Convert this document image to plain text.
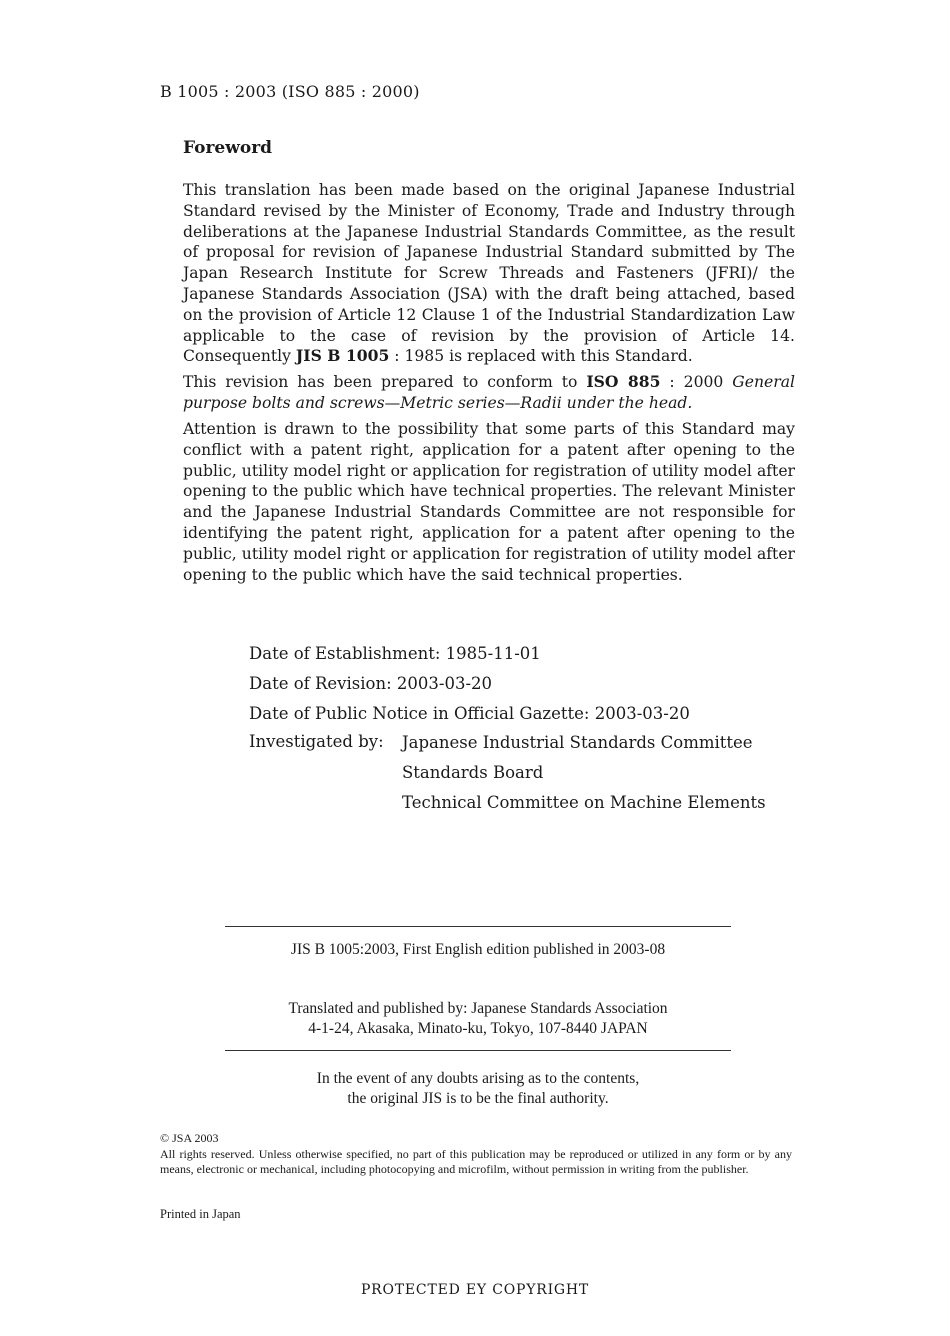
B 1005 : 2003 (ISO 885 : 2000)
Foreword

This translation has been made based on the original Japanese Industrial Standard revised by the Minister of Economy, Trade and Industry through deliberations at the Japanese Industrial Standards Committee, as the result of proposal for revision of Japanese Industrial Standard submitted by The Japan Research Institute for Screw Threads and Fasteners (JFRI)/ the Japanese Standards Association (JSA) with the draft being attached, based on the provision of Article 12 Clause 1 of the Industrial Standardization Law applicable to the case of revision by the provision of Article 14. Consequently JIS B 1005 : 1985 is replaced with this Standard.

This revision has been prepared to conform to ISO 885 : 2000 General purpose bolts and screws—Metric series—Radii under the head.

Attention is drawn to the possibility that some parts of this Standard may conflict with a patent right, application for a patent after opening to the public, utility model right or application for registration of utility model after opening to the public which have technical properties. The relevant Minister and the Japanese Industrial Standards Committee are not responsible for identifying the patent right, application for a patent after opening to the public, utility model right or application for registration of utility model after opening to the public which have the said technical properties.

Date of Establishment: 1985-11-01
Date of Revision: 2003-03-20
Date of Public Notice in Official Gazette: 2003-03-20
Investigated by:	Japanese Industrial Standards Committee
Standards Board
Technical Committee on Machine Elements
JIS B 1005:2003, First English edition published in 2003-08
Translated and published by: Japanese Standards Association
4-1-24, Akasaka, Minato-ku, Tokyo, 107-8440 JAPAN
In the event of any doubts arising as to the contents,
the original JIS is to be the final authority.
© JSA 2003
All rights reserved. Unless otherwise specified, no part of this publication may be reproduced or utilized in any form or by any means, electronic or mechanical, including photocopying and microfilm, without permission in writing from the publisher.
Printed in Japan
PROTECTED ЕY COPYRIGHT
